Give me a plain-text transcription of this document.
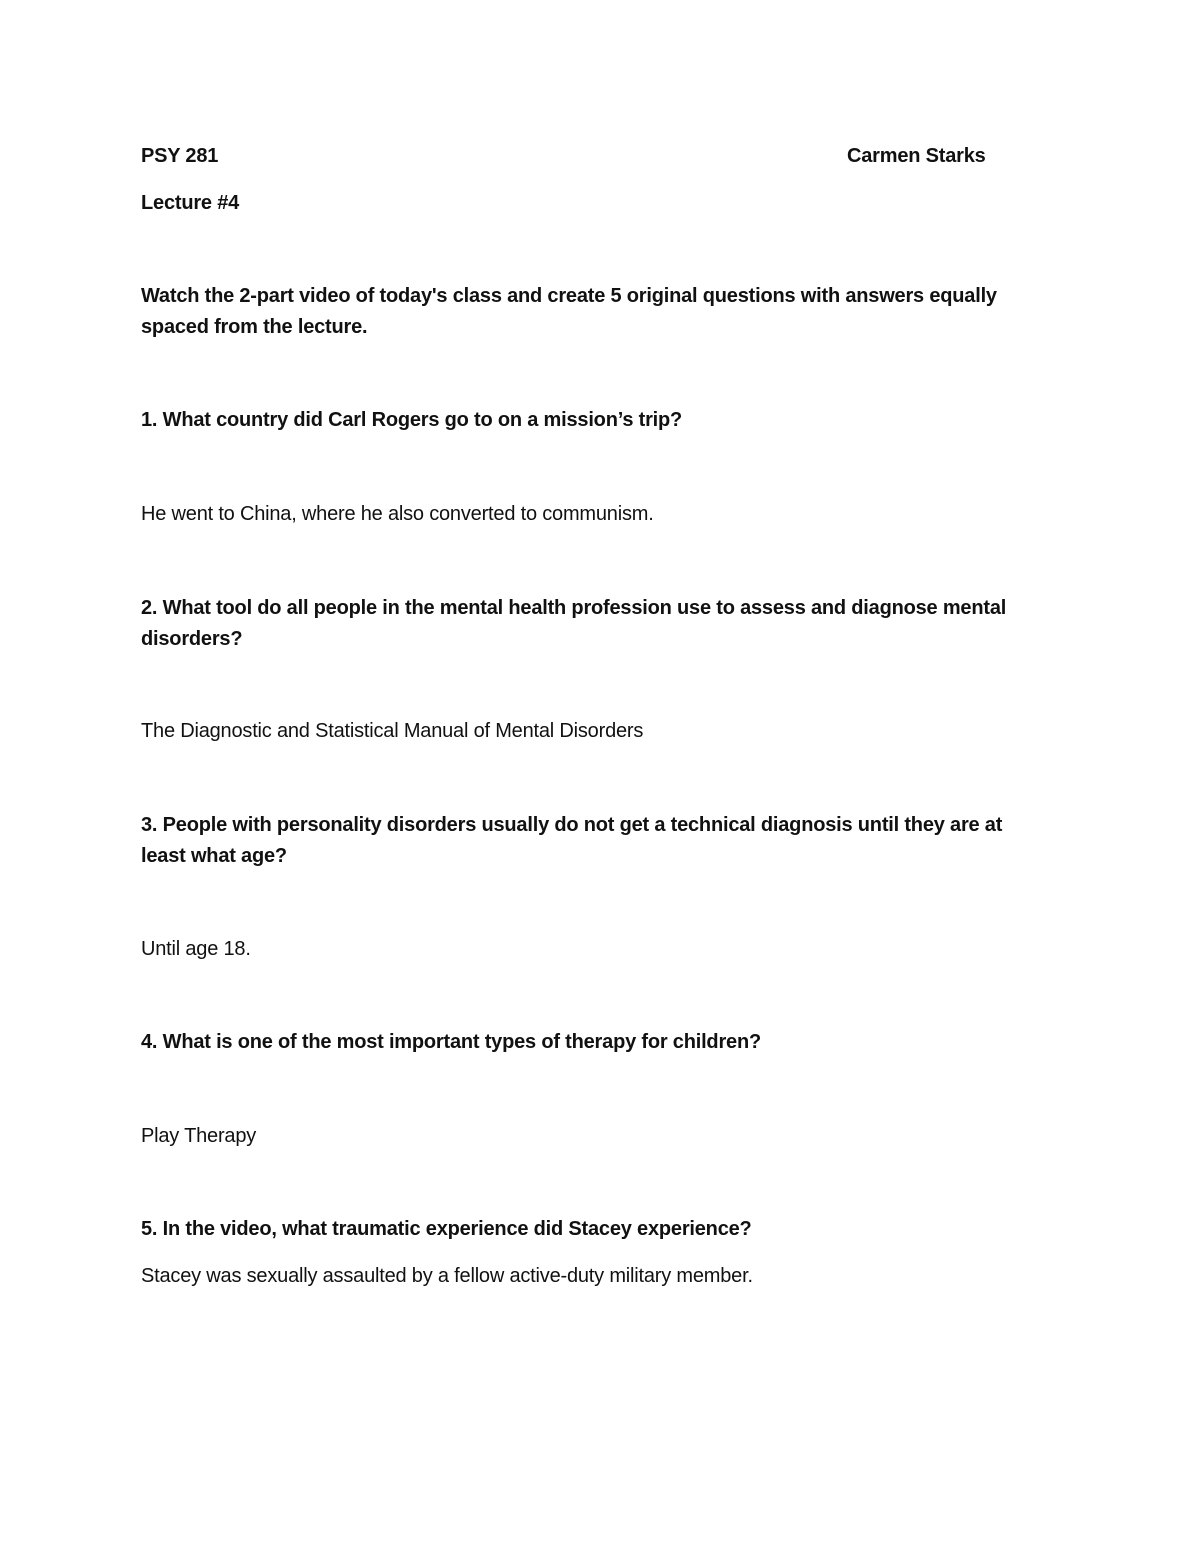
PSY 281	Carmen Starks
Lecture #4
Watch the 2-part video of today's class and create 5 original questions with answers equally spaced from the lecture.
1. What country did Carl Rogers go to on a mission’s trip?
He went to China, where he also converted to communism.
2. What tool do all people in the mental health profession use to assess and diagnose mental disorders?
The Diagnostic and Statistical Manual of Mental Disorders
3. People with personality disorders usually do not get a technical diagnosis until they are at least what age?
Until age 18.
4. What is one of the most important types of therapy for children?
Play Therapy
5. In the video, what traumatic experience did Stacey experience?
Stacey was sexually assaulted by a fellow active-duty military member.
